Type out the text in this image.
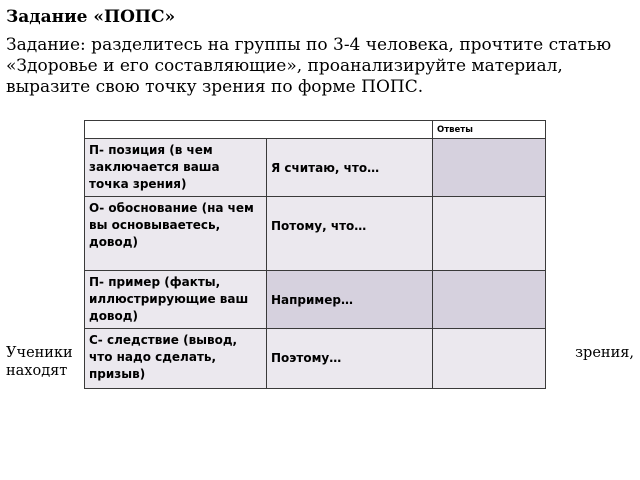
Задание «ПОПС»
Задание: разделитесь на группы по 3-4 человека, прочтите статью «Здоровье и его составляющие», проанализируйте материал, выразите свою точку зрения по форме ПОПС.
Ученики	зрения,

находят
		Ответы
П- позиция (в чем заключается ваша точка зрения)	Я считаю, что…	

О- обоснование (на чем вы основываетесь, довод)	Потому, что…	

П- пример (факты, иллюстрирующие ваш довод)	Например…	

С- следствие (вывод, что надо сделать, призыв)	Поэтому…	
